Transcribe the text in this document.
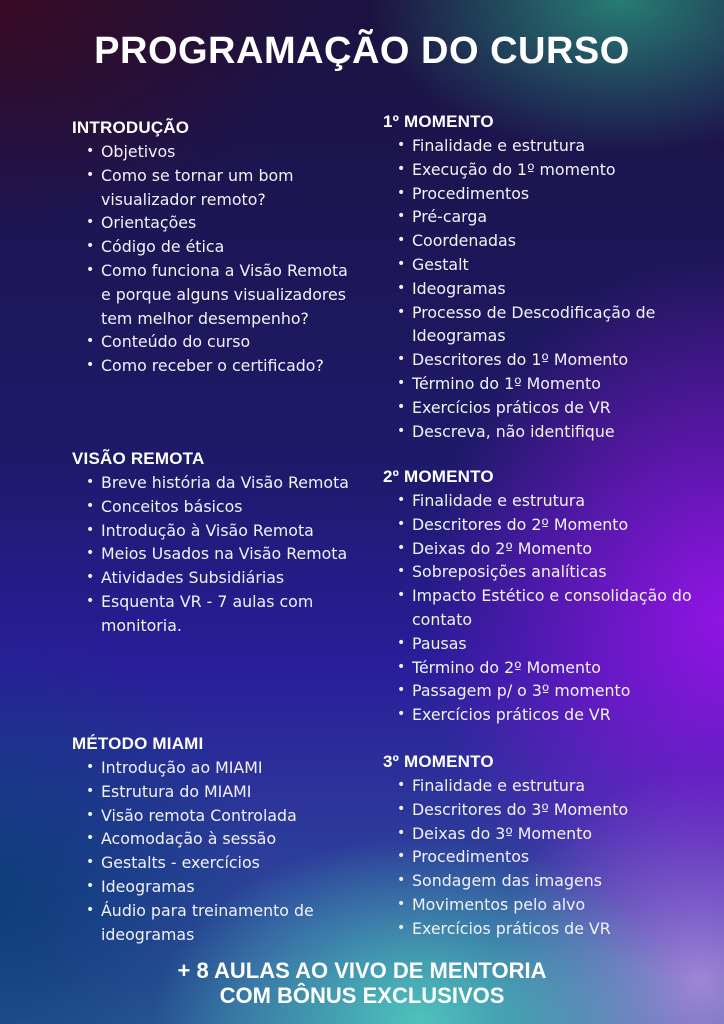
PROGRAMAÇÃO DO CURSO
INTRODUÇÃO
• Objetivos
• Como se tornar um bom visualizador remoto?
• Orientações
• Código de ética
• Como funciona a Visão Remota e porque alguns visualizadores tem melhor desempenho?
• Conteúdo do curso
• Como receber o certificado?
VISÃO REMOTA
• Breve história da Visão Remota
• Conceitos básicos
• Introdução à Visão Remota
• Meios Usados na Visão Remota
• Atividades Subsidiárias
• Esquenta VR - 7 aulas com monitoria.
MÉTODO MIAMI
• Introdução ao MIAMI
• Estrutura do MIAMI
• Visão remota Controlada
• Acomodação à sessão
• Gestalts - exercícios
• Ideogramas
• Áudio para treinamento de ideogramas
1º MOMENTO
• Finalidade e estrutura
• Execução do 1º momento
• Procedimentos
• Pré-carga
• Coordenadas
• Gestalt
• Ideogramas
• Processo de Descodificação de Ideogramas
• Descritores do 1º Momento
• Término do 1º Momento
• Exercícios práticos de VR
• Descreva, não identifique
2º MOMENTO
• Finalidade e estrutura
• Descritores do 2º Momento
• Deixas do 2º Momento
• Sobreposições analíticas
• Impacto Estético e consolidação do contato
• Pausas
• Término do 2º Momento
• Passagem p/ o 3º momento
• Exercícios práticos de VR
3º MOMENTO
• Finalidade e estrutura
• Descritores do 3º Momento
• Deixas do 3º Momento
• Procedimentos
• Sondagem das imagens
• Movimentos pelo alvo
• Exercícios práticos de VR
+ 8 AULAS AO VIVO DE MENTORIA
COM BÔNUS EXCLUSIVOS
